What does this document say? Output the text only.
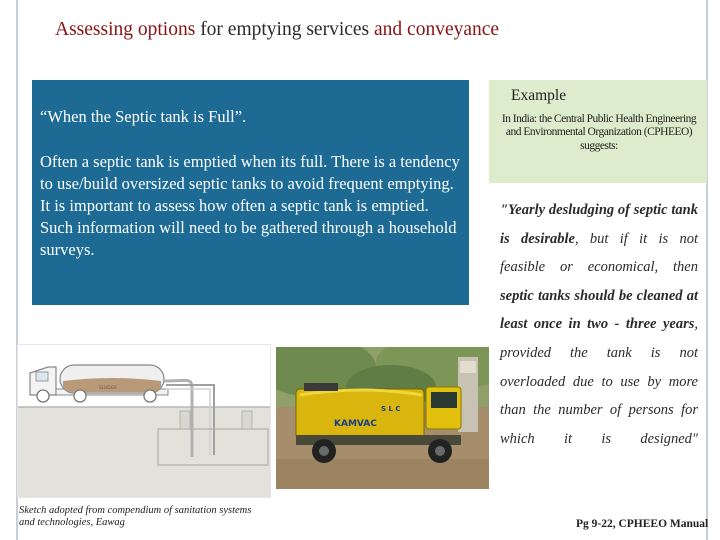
Assessing options for emptying services and conveyance
“When the Septic tank is Full”.
Often a septic tank is emptied when its full. There is a tendency to use/build oversized septic tanks to avoid frequent emptying. It is important to assess how often a septic tank is emptied. Such information will need to be gathered through a household surveys.
Example
In India: the Central Public Health Engineering and Environmental Organization (CPHEEO) suggests:
"Yearly desludging of septic tank is desirable, but if it is not feasible or economical, then septic tanks should be cleaned at least once in two - three years, provided the tank is not overloaded due to use by more than the number of persons for which it is designed"
Pg 9-22, CPHEEO Manual
SLUDGE
Sketch adopted from compendium of sanitation systems and technologies, Eawag
KAMVAC
S L C
